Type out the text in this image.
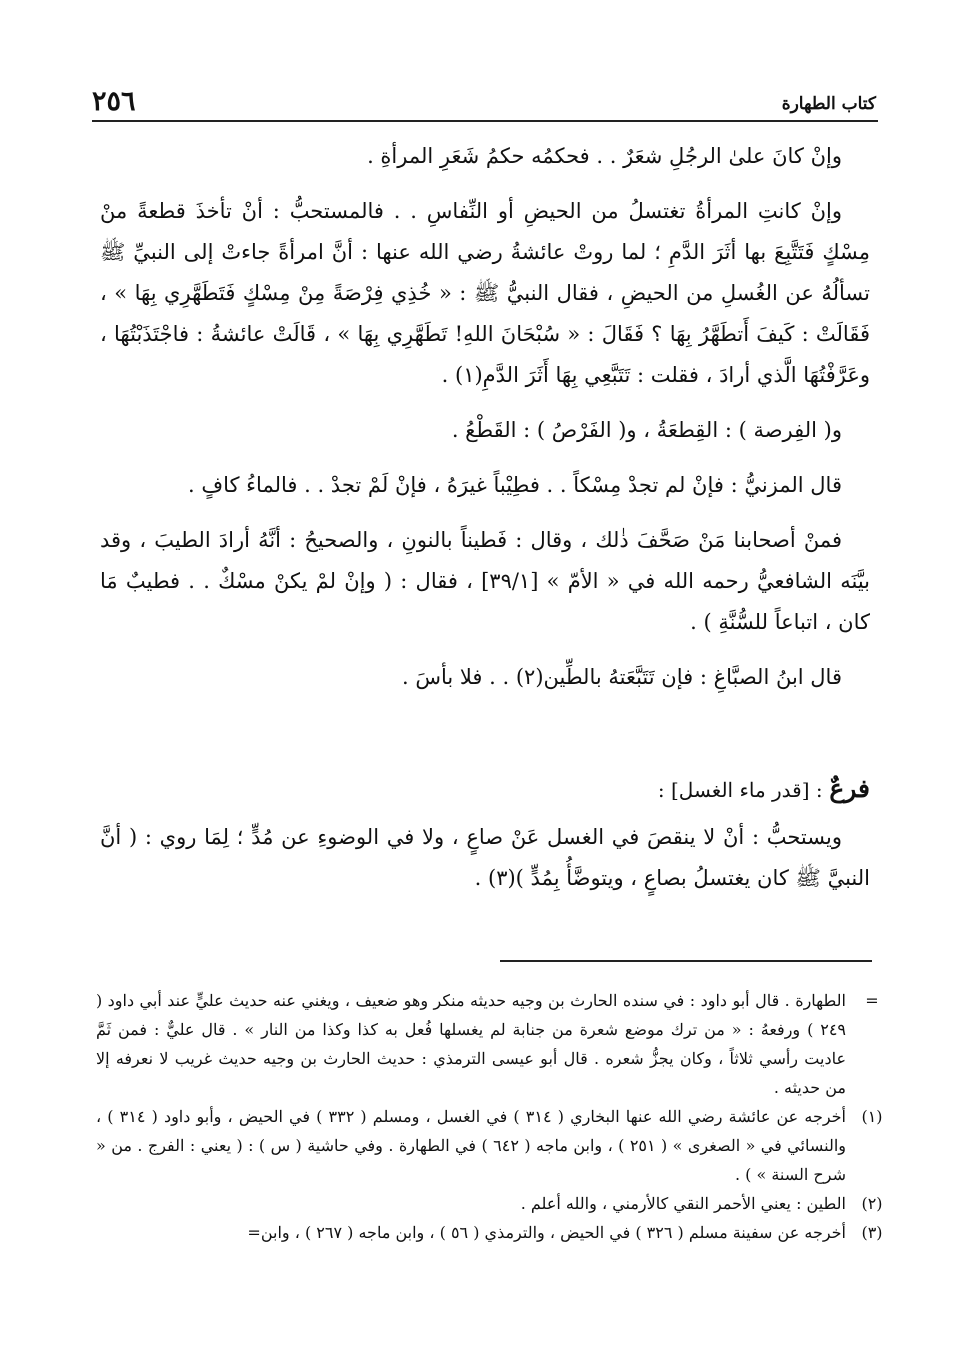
٢٥٦	كتاب الطهارة

وإنْ كانَ علىٰ الرجُلِ شعَرٌ . . فحكمُه حكمُ شَعَرِ المرأةِ .

وإنْ كانتِ المرأةُ تغتسلُ من الحيضِ أو النِّفاسِ . . فالمستحبُّ : أنْ تأخذَ قطعةً منْ مِسْكٍ فَتَتَّبِعَ بها أثَرَ الدَّمِ ؛ لما روتْ عائشةُ رضي الله عنها : أنَّ امرأةً جاءتْ إلى النبيِّ ﷺ تسألُهُ عن الغُسلِ من الحيضِ ، فقال النبيُّ ﷺ : « خُذِي فِرْصَةً مِنْ مِسْكٍ فَتَطَهَّرِي بِهَا » ، فَقَالَتْ : كَيفَ أَتطَهَّرُ بِهَا ؟ فَقَالَ : « سُبْحَانَ اللهِ! تَطَهَّرِي بِهَا » ، قَالَتْ عائشةُ : فاجْتَذَبْتُهَا ، وعَرَّفْتُهَا الَّذي أرادَ ، فقلت : تَتَبَّعِي بِهَا أَثَرَ الدَّمِ(١) .

و( الفِرصة ) : القِطعَةُ ، و( الفَرْصُ ) : القَطْعُ .

قال المزنيُّ : فإنْ لم تجدْ مِسْكاً . . فطِيْباً غيرَهُ ، فإنْ لَمْ تجدْ . . فالماءُ كافٍ .

فمنْ أصحابنا مَنْ صَحَّفَ ذٰلك ، وقال : فَطيناً بالنونِ ، والصحيحُ : أنَّهُ أرادَ الطيبَ ، وقد بيَّنَه الشافعيُّ رحمه الله في « الأمّ » [٣٩/١] ، فقال : ( وإنْ لمْ يكنْ مسْكٌ . . فطيبٌ مَا كان ، اتباعاً للسُّنَّةِ ) .

قال ابنُ الصبَّاغِ : فإن تَتَبَّعَتهُ بالطِّين(٢) . . فلا بأسَ .

فرعٌ : [قدر ماء الغسل] :

ويستحبُّ : أنْ لا ينقصَ في الغسل عَنْ صاعٍ ، ولا في الوضوءِ عن مُدٍّ ؛ لِمَا روي : ( أنَّ النبيَّ ﷺ كان يغتسلُ بصاعٍ ، ويتوضَّأُ بِمُدٍّ )(٣) .

=
الطهارة . قال أبو داود : في سنده الحارث بن وجيه حديثه منكر وهو ضعيف ، ويغني عنه حديث عليٍّ عند أبي داود ( ٢٤٩ ) ورفعهُ : « من ترك موضع شعرة من جنابة لم يغسلها فُعل به كذا وكذا من النار » . قال عليٌّ : فمن ثَمَّ عاديت رأسي ثلاثاً ، وكان يجزُّ شعره . قال أبو عيسى الترمذي : حديث الحارث بن وجيه حديث غريب لا نعرفه إلا من حديثه .
(١)
أخرجه عن عائشة رضي الله عنها البخاري ( ٣١٤ ) في الغسل ، ومسلم ( ٣٣٢ ) في الحيض ، وأبو داود ( ٣١٤ ) ، والنسائي في « الصغرى » ( ٢٥١ ) ، وابن ماجه ( ٦٤٢ ) في الطهارة . وفي حاشية ( س ) : ( يعني : الفرج . من « شرح السنة » ) .
(٢)
الطين : يعني الأحمر النقي كالأرمني ، والله أعلم .
(٣)
أخرجه عن سفينة مسلم ( ٣٢٦ ) في الحيض ، والترمذي ( ٥٦ ) ، وابن ماجه ( ٢٦٧ ) ، وابن=
